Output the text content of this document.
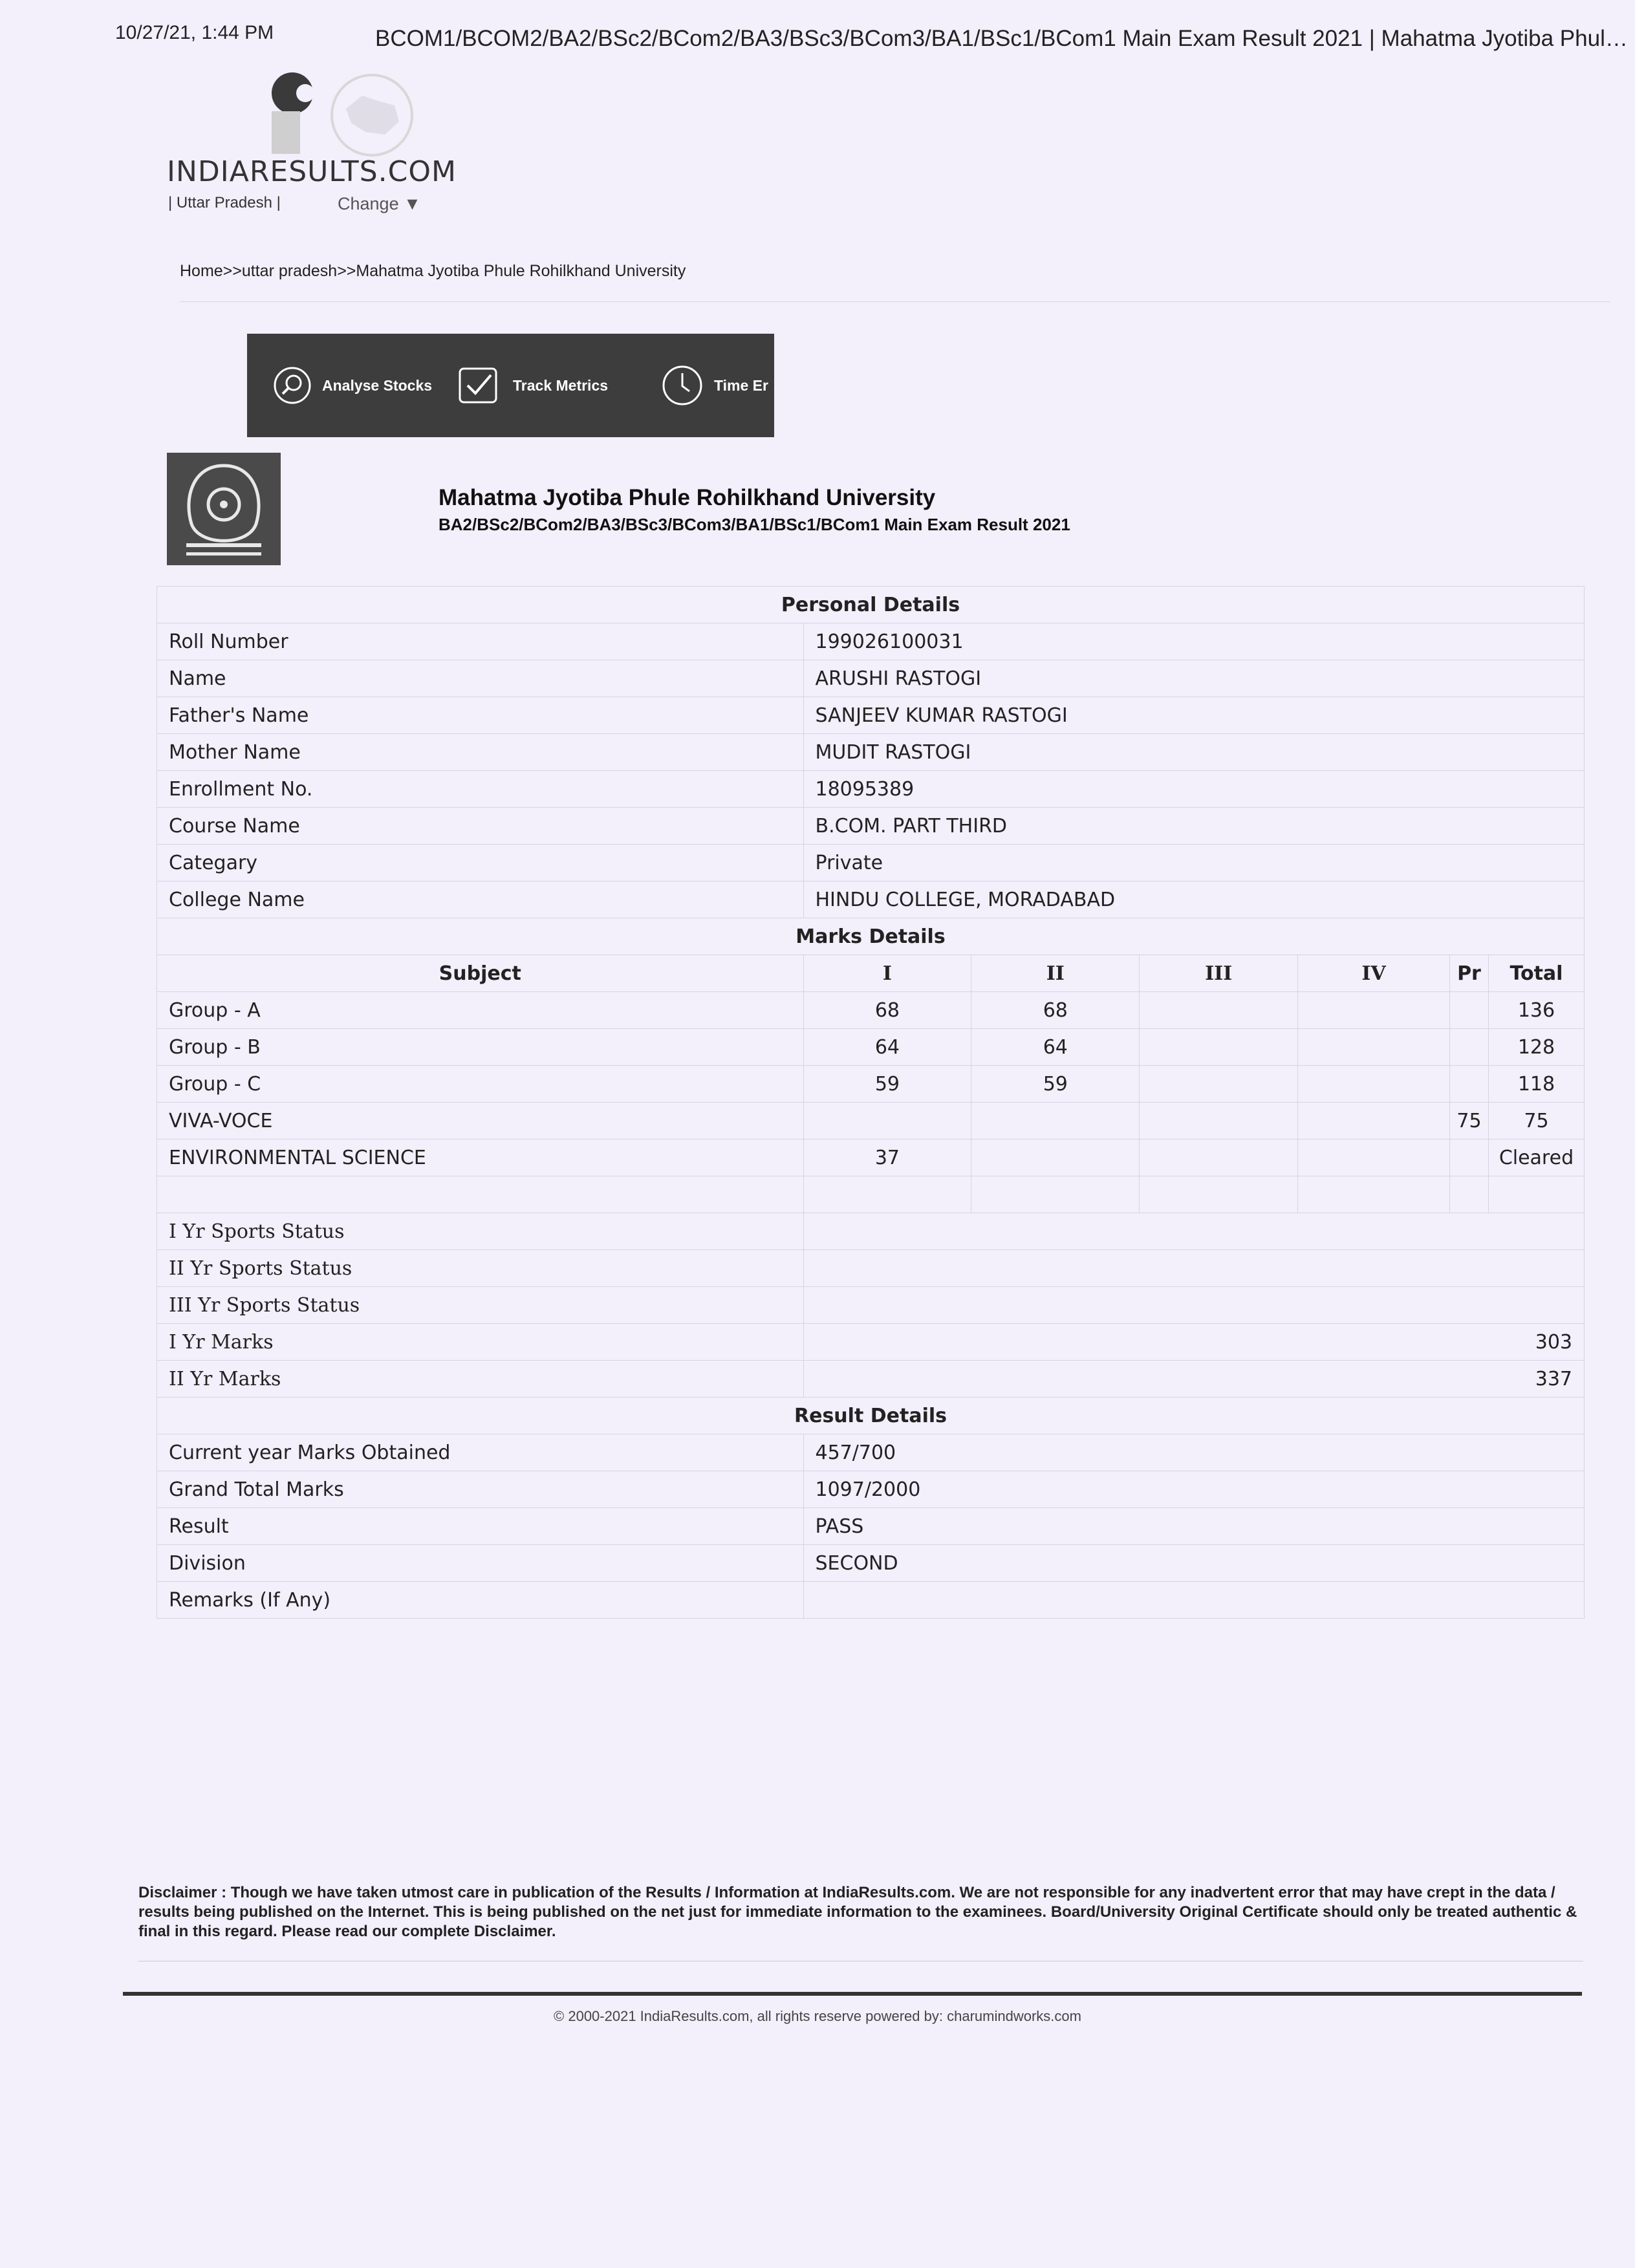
10/27/21, 1:44 PM	BCOM1/BCOM2/BA2/BSc2/BCom2/BA3/BSc3/BCom3/BA1/BSc1/BCom1 Main Exam Result 2021 | Mahatma Jyotiba Phul…
INDIARESULTS.COM
| Uttar Pradesh |	Change ▼
Home>>uttar pradesh>>Mahatma Jyotiba Phule Rohilkhand University
Analyse Stocks	Track Metrics	Time Er
Mahatma Jyotiba Phule Rohilkhand University
BA2/BSc2/BCom2/BA3/BSc3/BCom3/BA1/BSc1/BCom1 Main Exam Result 2021
Personal Details						
Roll Number	199026100031					
Name	ARUSHI RASTOGI					
Father's Name	SANJEEV KUMAR RASTOGI					
Mother Name	MUDIT RASTOGI					
Enrollment No.	18095389					
Course Name	B.COM. PART THIRD					
Categary	Private					
College Name	HINDU COLLEGE, MORADABAD					
Marks Details						
Subject	I	II	III	IV	Pr	Total
Group - A	68	68				136
Group - B	64	64				128
Group - C	59	59				118
VIVA-VOCE					75	75
ENVIRONMENTAL SCIENCE	37					Cleared

I Yr Sports Status						
II Yr Sports Status						
III Yr Sports Status						
I Yr Marks	303					
II Yr Marks	337					
Result Details						
Current year Marks Obtained	457/700					
Grand Total Marks	1097/2000					
Result	PASS					
Division	SECOND					
Remarks (If Any)						
Disclaimer : Though we have taken utmost care in publication of the Results / Information at IndiaResults.com. We are not responsible for any inadvertent error that may have crept in the data / results being published on the Internet. This is being published on the net just for immediate information to the examinees. Board/University Original Certificate should only be treated authentic & final in this regard. Please read our complete Disclaimer.
© 2000-2021 IndiaResults.com, all rights reserve powered by: charumindworks.com
